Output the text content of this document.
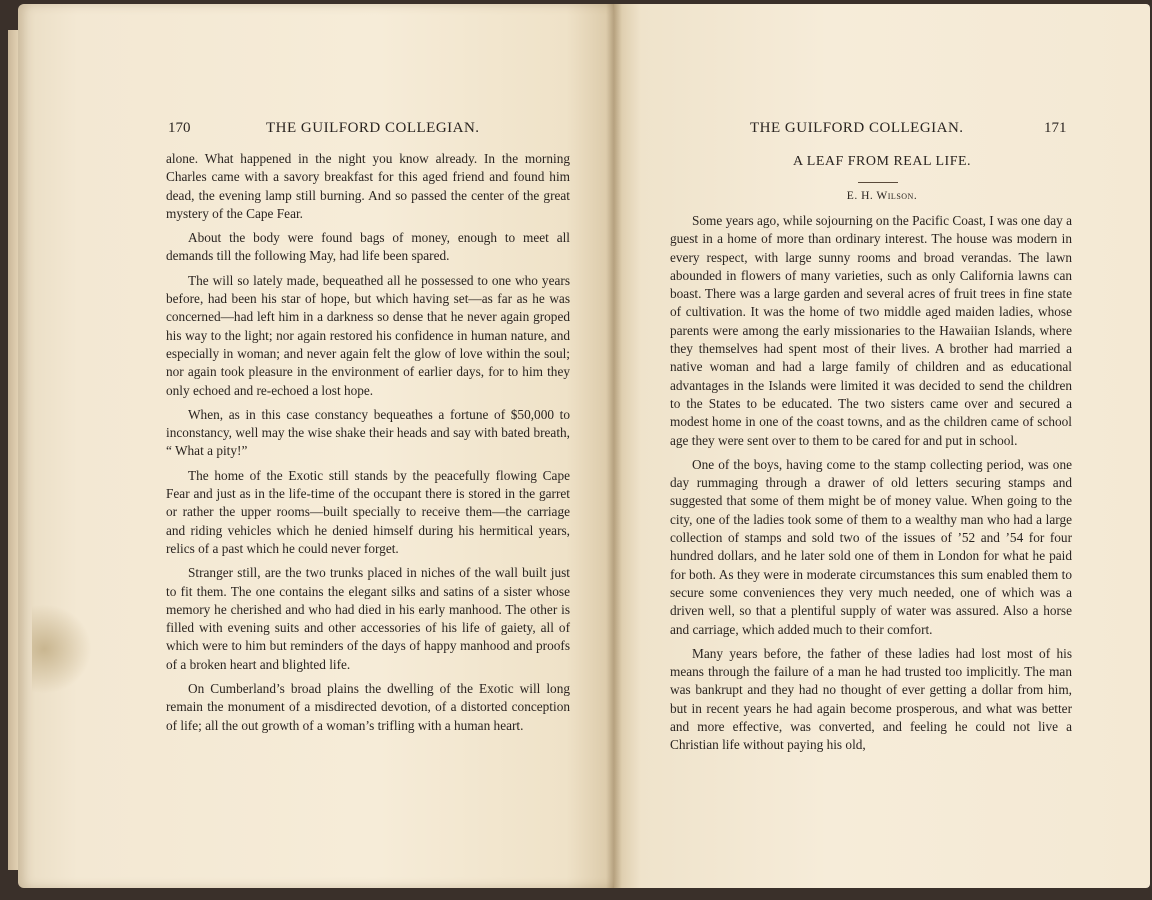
170	THE GUILFORD COLLEGIAN.

alone. What happened in the night you know already. In the morning Charles came with a savory breakfast for this aged friend and found him dead, the evening lamp still burning. And so passed the center of the great mystery of the Cape Fear.

About the body were found bags of money, enough to meet all demands till the following May, had life been spared.

The will so lately made, bequeathed all he possessed to one who years before, had been his star of hope, but which having set—as far as he was concerned—had left him in a darkness so dense that he never again groped his way to the light; nor again restored his confidence in human nature, and especially in woman; and never again felt the glow of love within the soul; nor again took pleasure in the environment of earlier days, for to him they only echoed and re-echoed a lost hope.

When, as in this case constancy bequeathes a fortune of $50,000 to inconstancy, well may the wise shake their heads and say with bated breath, “ What a pity!”

The home of the Exotic still stands by the peacefully flowing Cape Fear and just as in the life-time of the occupant there is stored in the garret or rather the upper rooms—built specially to receive them—the carriage and riding vehicles which he denied himself during his hermitical years, relics of a past which he could never forget.

Stranger still, are the two trunks placed in niches of the wall built just to fit them. The one contains the elegant silks and satins of a sister whose memory he cherished and who had died in his early manhood. The other is filled with evening suits and other accessories of his life of gaiety, all of which were to him but reminders of the days of happy manhood and proofs of a broken heart and blighted life.

On Cumberland’s broad plains the dwelling of the Exotic will long remain the monument of a misdirected devotion, of a distorted conception of life; all the out growth of a woman’s trifling with a human heart.

THE GUILFORD COLLEGIAN.	171
A LEAF FROM REAL LIFE.
E. H. Wilson.

Some years ago, while sojourning on the Pacific Coast, I was one day a guest in a home of more than ordinary interest. The house was modern in every respect, with large sunny rooms and broad verandas. The lawn abounded in flowers of many varieties, such as only California lawns can boast. There was a large garden and several acres of fruit trees in fine state of cultivation. It was the home of two middle aged maiden ladies, whose parents were among the early missionaries to the Hawaiian Islands, where they themselves had spent most of their lives. A brother had married a native woman and had a large family of children and as educational advantages in the Islands were limited it was decided to send the children to the States to be educated. The two sisters came over and secured a modest home in one of the coast towns, and as the children came of school age they were sent over to them to be cared for and put in school.

One of the boys, having come to the stamp collecting period, was one day rummaging through a drawer of old letters securing stamps and suggested that some of them might be of money value. When going to the city, one of the ladies took some of them to a wealthy man who had a large collection of stamps and sold two of the issues of ’52 and ’54 for four hundred dollars, and he later sold one of them in London for what he paid for both. As they were in moderate circumstances this sum enabled them to secure some conveniences they very much needed, one of which was a driven well, so that a plentiful supply of water was assured. Also a horse and carriage, which added much to their comfort.

Many years before, the father of these ladies had lost most of his means through the failure of a man he had trusted too implicitly. The man was bankrupt and they had no thought of ever getting a dollar from him, but in recent years he had again become prosperous, and what was better and more effective, was converted, and feeling he could not live a Christian life without paying his old,
